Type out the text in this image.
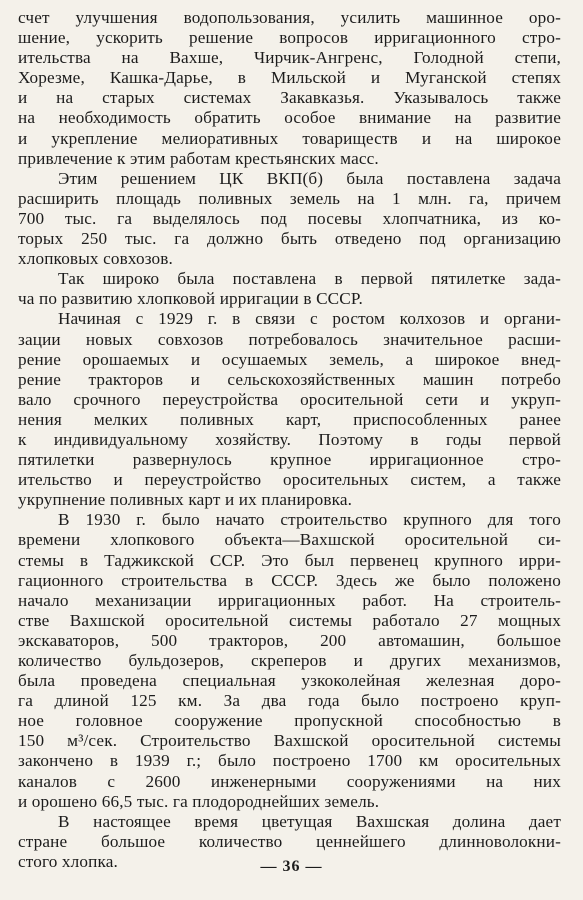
счет улучшения водопользования, усилить машинное оро-
шение, ускорить решение вопросов ирригационного стро-
ительства на Вахше, Чирчик-Ангренс, Голодной степи,
Хорезме, Кашка-Дарье, в Мильской и Муганской степях
и на старых системах Закавказья. Указывалось также
на необходимость обратить особое внимание на развитие
и укрепление мелиоративных товариществ и на широкое
привлечение к этим работам крестьянских масс.
Этим решением ЦК ВКП(б) была поставлена задача
расширить площадь поливных земель на 1 млн. га, причем
700 тыс. га выделялось под посевы хлопчатника, из ко-
торых 250 тыс. га должно быть отведено под организацию
хлопковых совхозов.
Так широко была поставлена в первой пятилетке зада-
ча по развитию хлопковой ирригации в СССР.
Начиная с 1929 г. в связи с ростом колхозов и органи-
зации новых совхозов потребовалось значительное расши-
рение орошаемых и осушаемых земель, а широкое внед-
рение тракторов и сельскохозяйственных машин потребо
вало срочного переустройства оросительной сети и укруп-
нения мелких поливных карт, приспособленных ранее
к индивидуальному хозяйству. Поэтому в годы первой
пятилетки развернулось крупное ирригационное стро-
ительство и переустройство оросительных систем, а также
укрупнение поливных карт и их планировка.
В 1930 г. было начато строительство крупного для того
времени хлопкового объекта—Вахшской оросительной си-
стемы в Таджикской ССР. Это был первенец крупного ирри-
гационного строительства в СССР. Здесь же было положено
начало механизации ирригационных работ. На строитель-
стве Вахшской оросительной системы работало 27 мощных
экскаваторов, 500 тракторов, 200 автомашин, большое
количество бульдозеров, скреперов и других механизмов,
была проведена специальная узкоколейная железная доро-
га длиной 125 км. За два года было построено круп-
ное головное сооружение пропускной способностью в
150 м³/сек. Строительство Вахшской оросительной системы
закончено в 1939 г.; было построено 1700 км оросительных
каналов с 2600 инженерными сооружениями на них
и орошено 66,5 тыс. га плодороднейших земель.
В настоящее время цветущая Вахшская долина дает
стране большое количество ценнейшего длинноволокни-
стого хлопка.	— 36 —
